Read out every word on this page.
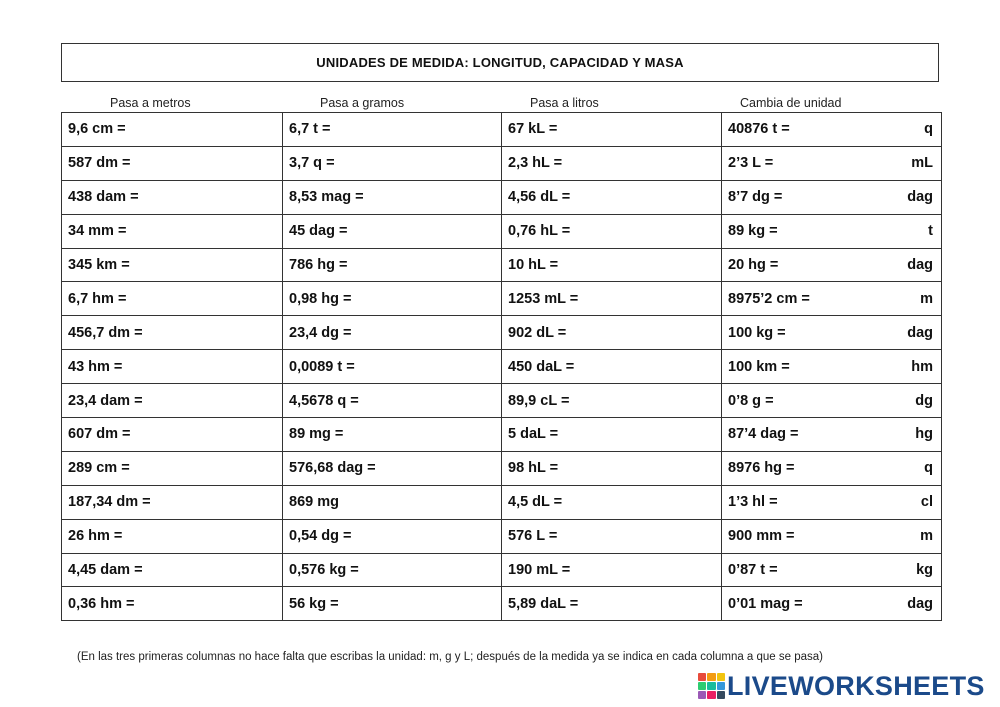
UNIDADES DE MEDIDA: LONGITUD, CAPACIDAD Y MASA
Pasa a metros	Pasa a gramos	Pasa a litros	Cambia de unidad
9,6 cm =	6,7 t =	67 kL =	40876 t = q

587 dm =	3,7 q =	2,3 hL =	2’3 L = mL

438 dam =	8,53 mag =	4,56 dL =	8’7 dg = dag

34 mm =	45 dag =	0,76 hL =	89 kg = t

345 km =	786 hg =	10 hL =	20 hg = dag

6,7 hm =	0,98 hg =	1253 mL =	8975’2 cm = m

456,7 dm =	23,4 dg =	902 dL =	100 kg = dag

43 hm =	0,0089 t =	450 daL =	100 km = hm

23,4 dam =	4,5678 q =	89,9 cL =	0’8 g = dg

607 dm =	89 mg =	5 daL =	87’4 dag = hg

289 cm =	576,68 dag =	98 hL =	8976 hg = q

187,34 dm =	869 mg	4,5 dL =	1’3 hl = cl

26 hm =	0,54 dg =	576 L =	900 mm = m

4,45 dam =	0,576 kg =	190 mL =	0’87 t = kg

0,36 hm =	56 kg =	5,89 daL =	0’01 mag = dag
(En las tres primeras columnas no hace falta que escribas la unidad: m, g y L; después de la medida ya se indica en cada columna a que se pasa)
LIVEWORKSHEETS
